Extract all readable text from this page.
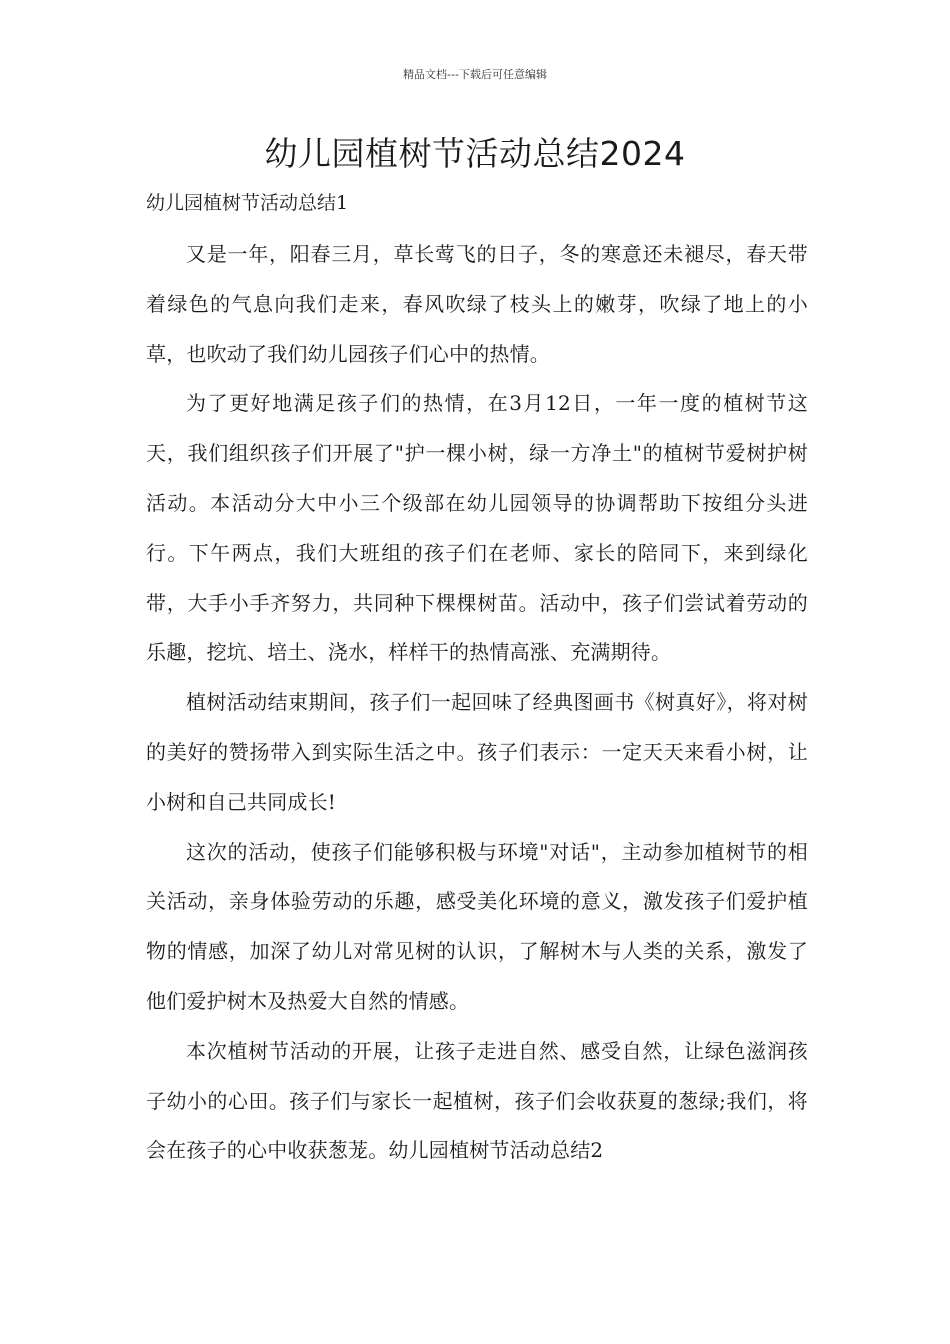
精品文档---下载后可任意编辑
幼儿园植树节活动总结2024

幼儿园植树节活动总结1

又是一年，阳春三月，草长莺飞的日子，冬的寒意还未褪尽，春天带着绿色的气息向我们走来，春风吹绿了枝头上的嫩芽，吹绿了地上的小草，也吹动了我们幼儿园孩子们心中的热情。

为了更好地满足孩子们的热情，在3月12日，一年一度的植树节这天，我们组织孩子们开展了"护一棵小树，绿一方净土"的植树节爱树护树活动。本活动分大中小三个级部在幼儿园领导的协调帮助下按组分头进行。下午两点，我们大班组的孩子们在老师、家长的陪同下，来到绿化带，大手小手齐努力，共同种下棵棵树苗。活动中，孩子们尝试着劳动的乐趣，挖坑、培土、浇水，样样干的热情高涨、充满期待。

植树活动结束期间，孩子们一起回味了经典图画书《树真好》，将对树的美好的赞扬带入到实际生活之中。孩子们表示：一定天天来看小树，让小树和自己共同成长!

这次的活动，使孩子们能够积极与环境"对话"，主动参加植树节的相关活动，亲身体验劳动的乐趣，感受美化环境的意义，激发孩子们爱护植物的情感，加深了幼儿对常见树的认识，了解树木与人类的关系，激发了他们爱护树木及热爱大自然的情感。

本次植树节活动的开展，让孩子走进自然、感受自然，让绿色滋润孩子幼小的心田。孩子们与家长一起植树，孩子们会收获夏的葱绿;我们，将会在孩子的心中收获葱茏。幼儿园植树节活动总结2
